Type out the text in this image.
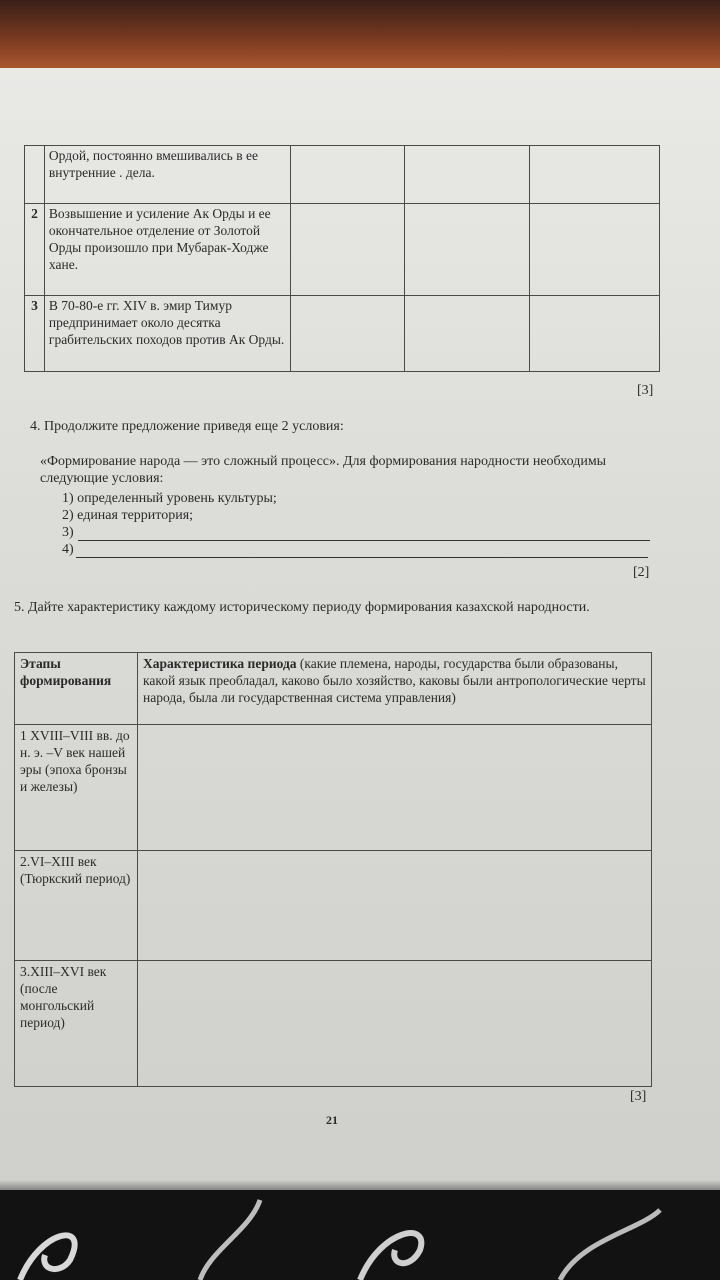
	Ордой, постоянно вмешивались в ее внутренние . дела.			
2	Возвышение и усиление Ак Орды и ее окончательное отделение от Золотой Орды произошло при Мубарак-Ходже хане.			
3	В 70-80-е гг. XIV в. эмир Тимур предпринимает около десятка грабительских походов против Ак Орды.			
[3]
4. Продолжите предложение приведя еще 2 условия:
«Формирование народа — это сложный процесс». Для формирования народности необходимы следующие условия:
1) определенный уровень культуры;
2) единая территория;
3)
4)
[2]
5. Дайте характеристику каждому историческому периоду формирования казахской народности.
Этапы формирования	Характеристика периода (какие племена, народы, государства были образованы, какой язык преобладал, каково было хозяйство, каковы были антропологические черты народа, была ли государственная система управления)
1 XVIII–VIII вв. до н. э. –V век нашей эры (эпоха бронзы и железы)	
2.VI–XIII век (Тюркский период)	
3.XIII–XVI век (после монгольский период)	
[3]
21
